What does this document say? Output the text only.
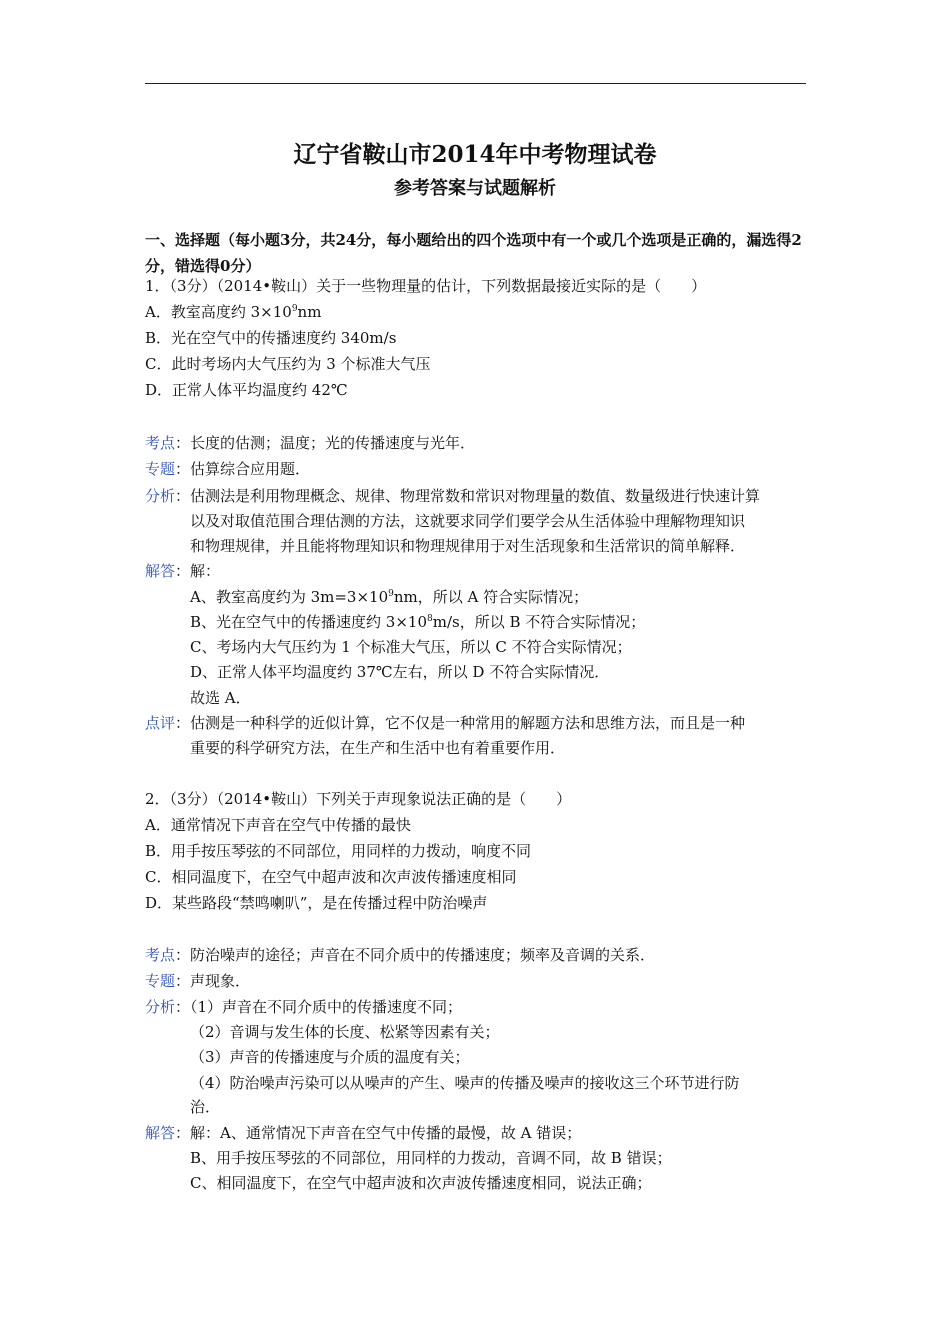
辽宁省鞍山市2014年中考物理试卷
参考答案与试题解析
一、选择题（每小题3分，共24分，每小题给出的四个选项中有一个或几个选项是正确的，漏选得2分，错选得0分）
1．（3分）（2014•鞍山）关于一些物理量的估计，下列数据最接近实际的是（　　）
A．教室高度约 $3\times 10^9nm$
B．光在空气中的传播速度约 340m/s
C．此时考场内大气压约为 3 个标准大气压
D．正常人体平均温度约 42℃
考点：长度的估测；温度；光的传播速度与光年．
专题：估算综合应用题．
分析：估测法是利用物理概念、规律、物理常数和常识对物理量的数值、数量级进行快速计算
以及对取值范围合理估测的方法，这就要求同学们要学会从生活体验中理解物理知识
和物理规律，并且能将物理知识和物理规律用于对生活现象和生活常识的简单解释．
解答：解：
A、教室高度约为 $3m=3\times 10^9nm$，所以 A 符合实际情况；
B、光在空气中的传播速度约 $3\times 10^8m/s$，所以 B 不符合实际情况；
C、考场内大气压约为 1 个标准大气压，所以 C 不符合实际情况；
D、正常人体平均温度约 37℃左右，所以 D 不符合实际情况．
故选 A．
点评：估测是一种科学的近似计算，它不仅是一种常用的解题方法和思维方法，而且是一种
重要的科学研究方法，在生产和生活中也有着重要作用．
2．（3分）（2014•鞍山）下列关于声现象说法正确的是（　　）
A．通常情况下声音在空气中传播的最快
B．用手按压琴弦的不同部位，用同样的力拨动，响度不同
C．相同温度下，在空气中超声波和次声波传播速度相同
D．某些路段“禁鸣喇叭”，是在传播过程中防治噪声
考点：防治噪声的途径；声音在不同介质中的传播速度；频率及音调的关系．
专题：声现象．
分析：（1）声音在不同介质中的传播速度不同；
（2）音调与发生体的长度、松紧等因素有关；
（3）声音的传播速度与介质的温度有关；
（4）防治噪声污染可以从噪声的产生、噪声的传播及噪声的接收这三个环节进行防
治．
解答：解：A、通常情况下声音在空气中传播的最慢，故 A 错误；
B、用手按压琴弦的不同部位，用同样的力拨动，音调不同，故 B 错误；
C、相同温度下，在空气中超声波和次声波传播速度相同，说法正确；
